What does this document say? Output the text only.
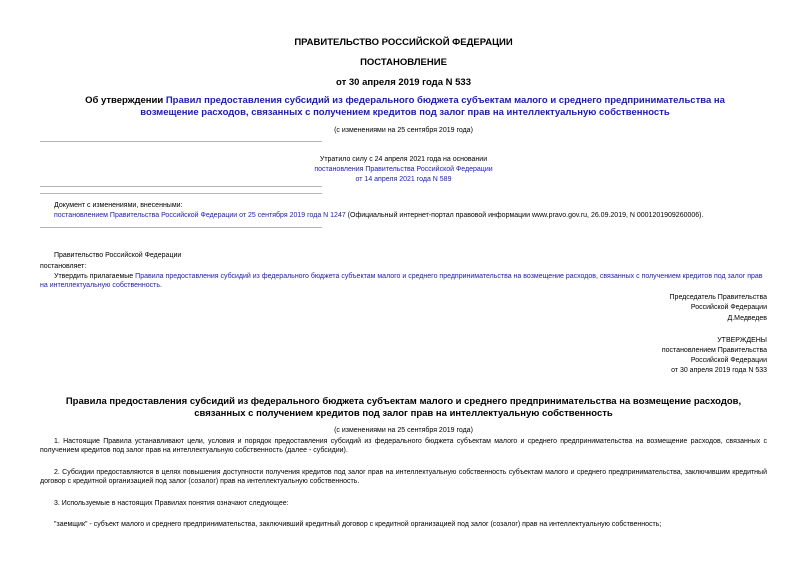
ПРАВИТЕЛЬСТВО РОССИЙСКОЙ ФЕДЕРАЦИИ
ПОСТАНОВЛЕНИЕ
от 30 апреля 2019 года N 533
Об утверждении Правил предоставления субсидий из федерального бюджета субъектам малого и среднего предпринимательства на возмещение расходов, связанных с получением кредитов под залог прав на интеллектуальную собственность
(с изменениями на 25 сентября 2019 года)
Утратило силу с 24 апреля 2021 года на основании
постановления Правительства Российской Федерации
от 14 апреля 2021 года N 589
Документ с изменениями, внесенными:
постановлением Правительства Российской Федерации от 25 сентября 2019 года N 1247 (Официальный интернет-портал правовой информации www.pravo.gov.ru, 26.09.2019, N 0001201909260006).
Правительство Российской Федерации
постановляет:
Утвердить прилагаемые Правила предоставления субсидий из федерального бюджета субъектам малого и среднего предпринимательства на возмещение расходов, связанных с получением кредитов под залог прав на интеллектуальную собственность.
Председатель Правительства
Российской Федерации
Д.Медведев
УТВЕРЖДЕНЫ
постановлением Правительства
Российской Федерации
от 30 апреля 2019 года N 533
Правила предоставления субсидий из федерального бюджета субъектам малого и среднего предпринимательства на возмещение расходов, связанных с получением кредитов под залог прав на интеллектуальную собственность
(с изменениями на 25 сентября 2019 года)
1. Настоящие Правила устанавливают цели, условия и порядок предоставления субсидий из федерального бюджета субъектам малого и среднего предпринимательства на возмещение расходов, связанных с получением кредитов под залог прав на интеллектуальную собственность (далее - субсидии).
2. Субсидии предоставляются в целях повышения доступности получения кредитов под залог прав на интеллектуальную собственность субъектам малого и среднего предпринимательства, заключившим кредитный договор с кредитной организацией под залог (созалог) прав на интеллектуальную собственность.
3. Используемые в настоящих Правилах понятия означают следующее:
"заемщик" - субъект малого и среднего предпринимательства, заключивший кредитный договор с кредитной организацией под залог (созалог) прав на интеллектуальную собственность;
